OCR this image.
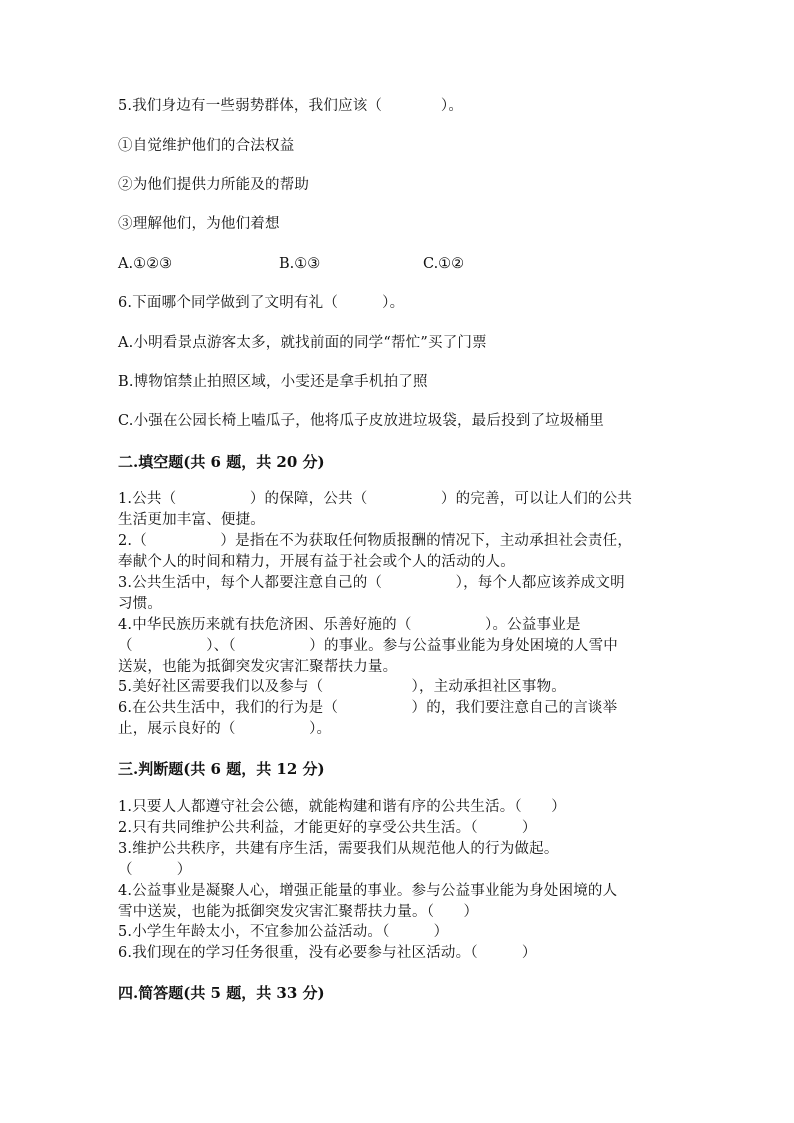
5.我们身边有一些弱势群体，我们应该（　　　　）。
①自觉维护他们的合法权益
②为他们提供力所能及的帮助
③理解他们，为他们着想
A.①②③	B.①③	C.①②
6.下面哪个同学做到了文明有礼（　　　）。
A.小明看景点游客太多，就找前面的同学“帮忙”买了门票
B.博物馆禁止拍照区域，小雯还是拿手机拍了照
C.小强在公园长椅上嗑瓜子，他将瓜子皮放进垃圾袋，最后投到了垃圾桶里
二.填空题(共 6 题，共 20 分)
1.公共（　　　　　）的保障，公共（　　　　　）的完善，可以让人们的公共
生活更加丰富、便捷。
2.（　　　　　）是指在不为获取任何物质报酬的情况下，主动承担社会责任，
奉献个人的时间和精力，开展有益于社会或个人的活动的人。
3.公共生活中，每个人都要注意自己的（　　　　　），每个人都应该养成文明
习惯。
4.中华民族历来就有扶危济困、乐善好施的（　　　　　）。公益事业是
（　　　　　）、（　　　　　）的事业。参与公益事业能为身处困境的人雪中
送炭，也能为抵御突发灾害汇聚帮扶力量。
5.美好社区需要我们以及参与（　　　　　　），主动承担社区事物。
6.在公共生活中，我们的行为是（　　　　　）的，我们要注意自己的言谈举
止，展示良好的（　　　　　）。
三.判断题(共 6 题，共 12 分)
1.只要人人都遵守社会公德，就能构建和谐有序的公共生活。（　　）
2.只有共同维护公共利益，才能更好的享受公共生活。（　　　）
3.维护公共秩序，共建有序生活，需要我们从规范他人的行为做起。
（　　　）
4.公益事业是凝聚人心，增强正能量的事业。参与公益事业能为身处困境的人
雪中送炭，也能为抵御突发灾害汇聚帮扶力量。（　　）
5.小学生年龄太小，不宜参加公益活动。（　　　）
6.我们现在的学习任务很重，没有必要参与社区活动。（　　　）
四.简答题(共 5 题，共 33 分)
